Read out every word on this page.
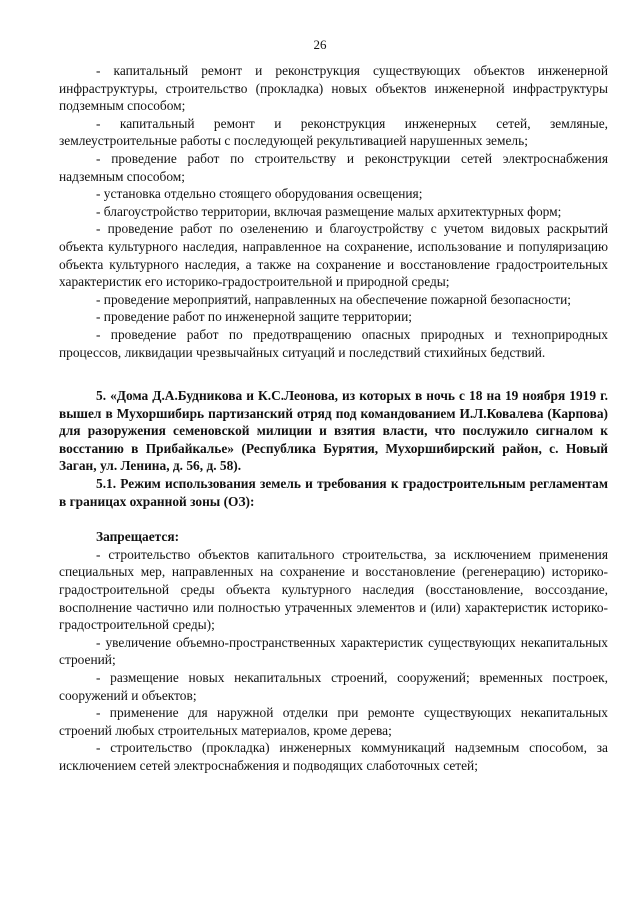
26

- капитальный ремонт и реконструкция существующих объектов инженерной инфраструктуры, строительство (прокладка) новых объектов инженерной инфраструктуры подземным способом;

- капитальный ремонт и реконструкция инженерных сетей, земляные, землеустроительные работы с последующей рекультивацией нарушенных земель;

- проведение работ по строительству и реконструкции сетей электроснабжения надземным способом;

- установка отдельно стоящего оборудования освещения;

- благоустройство территории, включая размещение малых архитектурных форм;

- проведение работ по озеленению и благоустройству с учетом видовых раскрытий объекта культурного наследия, направленное на сохранение, использование и популяризацию объекта культурного наследия, а также на сохранение и восстановление градостроительных характеристик его историко-градостроительной и природной среды;

- проведение мероприятий, направленных на обеспечение пожарной безопасности;

- проведение работ по инженерной защите территории;

- проведение работ по предотвращению опасных природных и техноприродных процессов, ликвидации чрезвычайных ситуаций и последствий стихийных бедствий.

5. «Дома Д.А.Будникова и К.С.Леонова, из которых в ночь с 18 на 19 ноября 1919 г. вышел в Мухоршибирь партизанский отряд под командованием И.Л.Ковалева (Карпова) для разоружения семеновской милиции и взятия власти, что послужило сигналом к восстанию в Прибайкалье» (Республика Бурятия, Мухоршибирский район, с. Новый Заган, ул. Ленина, д. 56, д. 58).

5.1. Режим использования земель и требования к градостроительным регламентам в границах охранной зоны (ОЗ):

Запрещается:

- строительство объектов капитального строительства, за исключением применения специальных мер, направленных на сохранение и восстановление (регенерацию) историко-градостроительной среды объекта культурного наследия (восстановление, воссоздание, восполнение частично или полностью утраченных элементов и (или) характеристик историко-градостроительной среды);

- увеличение объемно-пространственных характеристик существующих некапитальных строений;

- размещение новых некапитальных строений, сооружений; временных построек, сооружений и объектов;

- применение для наружной отделки при ремонте существующих некапитальных строений любых строительных материалов, кроме дерева;

- строительство (прокладка) инженерных коммуникаций надземным способом, за исключением сетей электроснабжения и подводящих слаботочных сетей;
